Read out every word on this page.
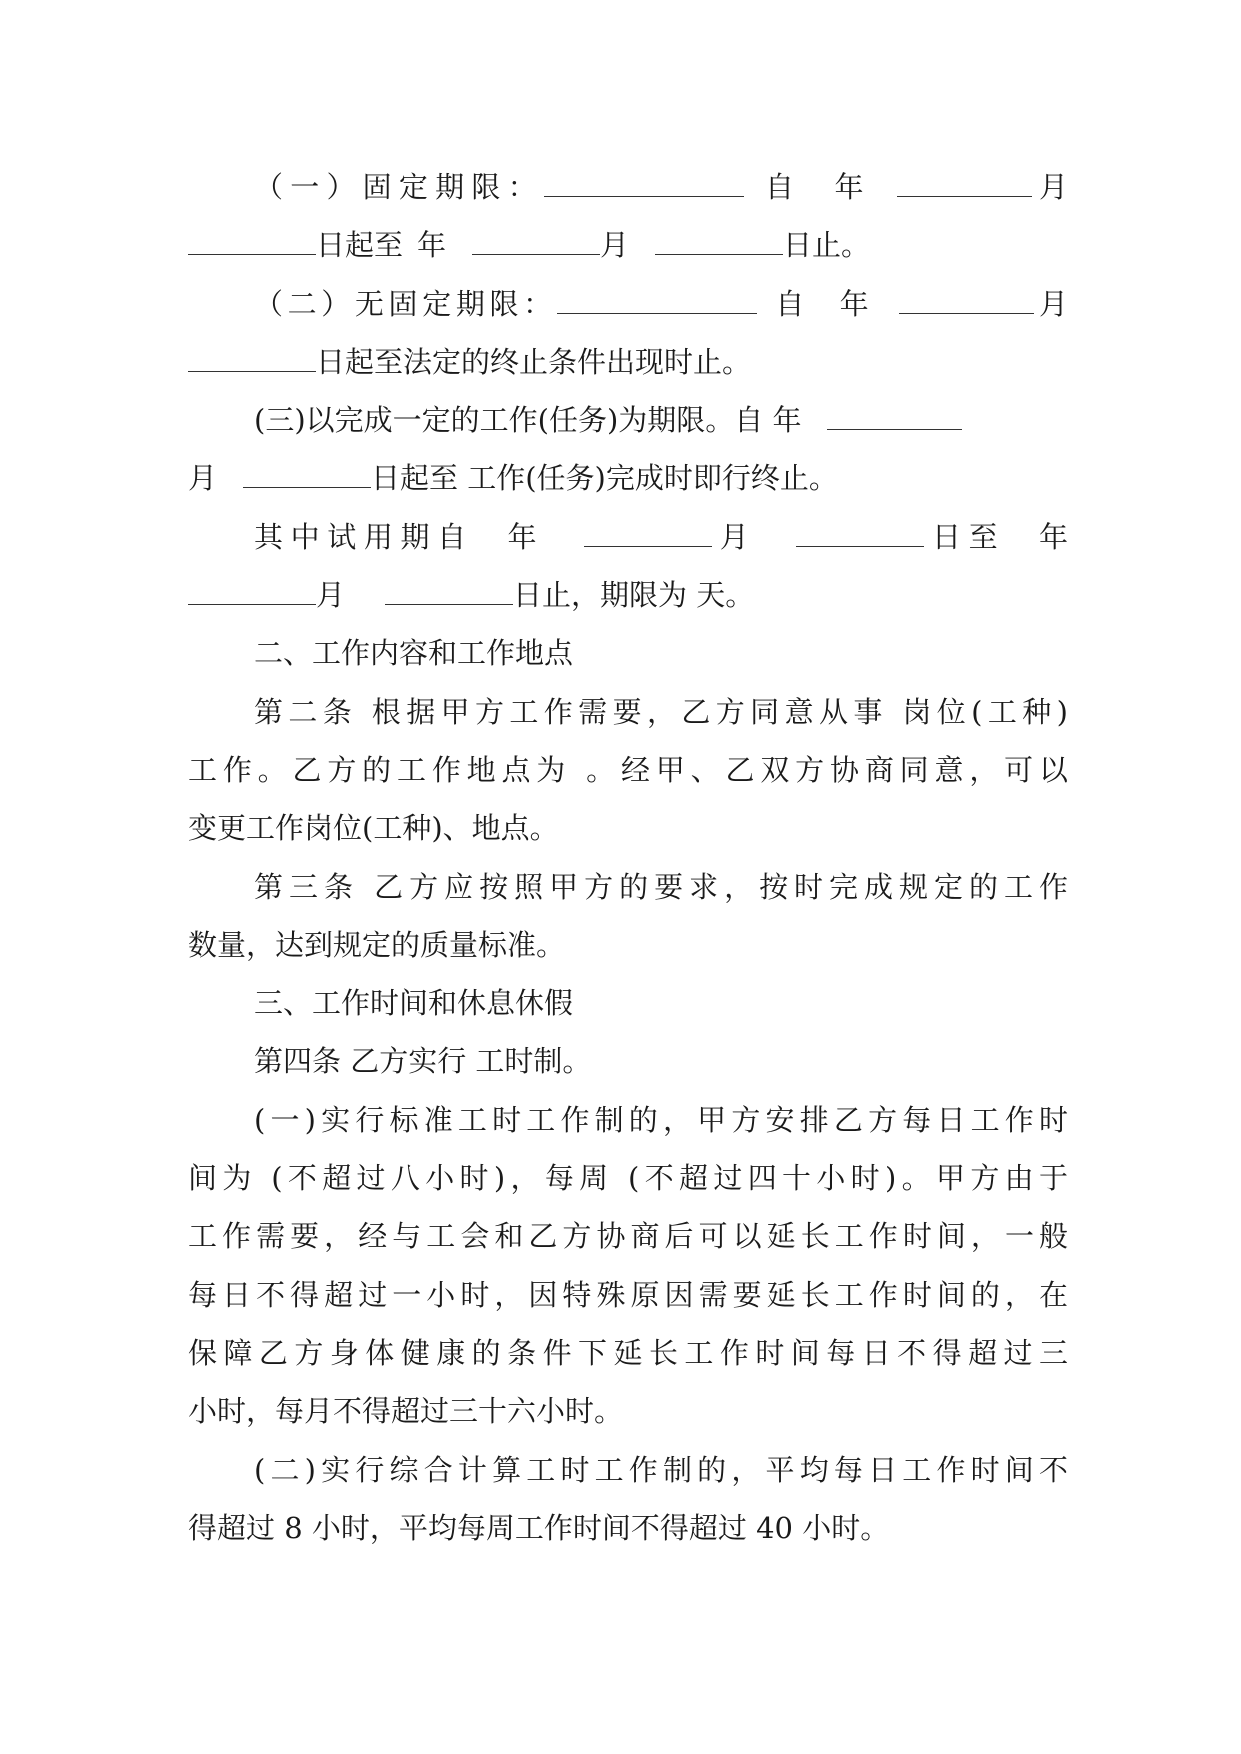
（一）固定期限：	自 年	月
日起至 年	月	日止。
（二）无固定期限：	自 年	月
日起至法定的终止条件出现时止。
(三)以完成一定的工作(任务)为期限。自 年
月	日起至 工作(任务)完成时即行终止。
其中试用期自 年	月	日至 年
月	日止，期限为 天。
二、工作内容和工作地点
第二条 根据甲方工作需要，乙方同意从事 岗位(工种)
工作。乙方的工作地点为 。经甲、乙双方协商同意，可以
变更工作岗位(工种)、地点。
第三条 乙方应按照甲方的要求，按时完成规定的工作
数量，达到规定的质量标准。
三、工作时间和休息休假
第四条 乙方实行 工时制。
(一)实行标准工时工作制的，甲方安排乙方每日工作时
间为 (不超过八小时)，每周 (不超过四十小时)。甲方由于
工作需要，经与工会和乙方协商后可以延长工作时间，一般
每日不得超过一小时，因特殊原因需要延长工作时间的，在
保障乙方身体健康的条件下延长工作时间每日不得超过三
小时，每月不得超过三十六小时。
(二)实行综合计算工时工作制的，平均每日工作时间不
得超过 8 小时，平均每周工作时间不得超过 40 小时。
